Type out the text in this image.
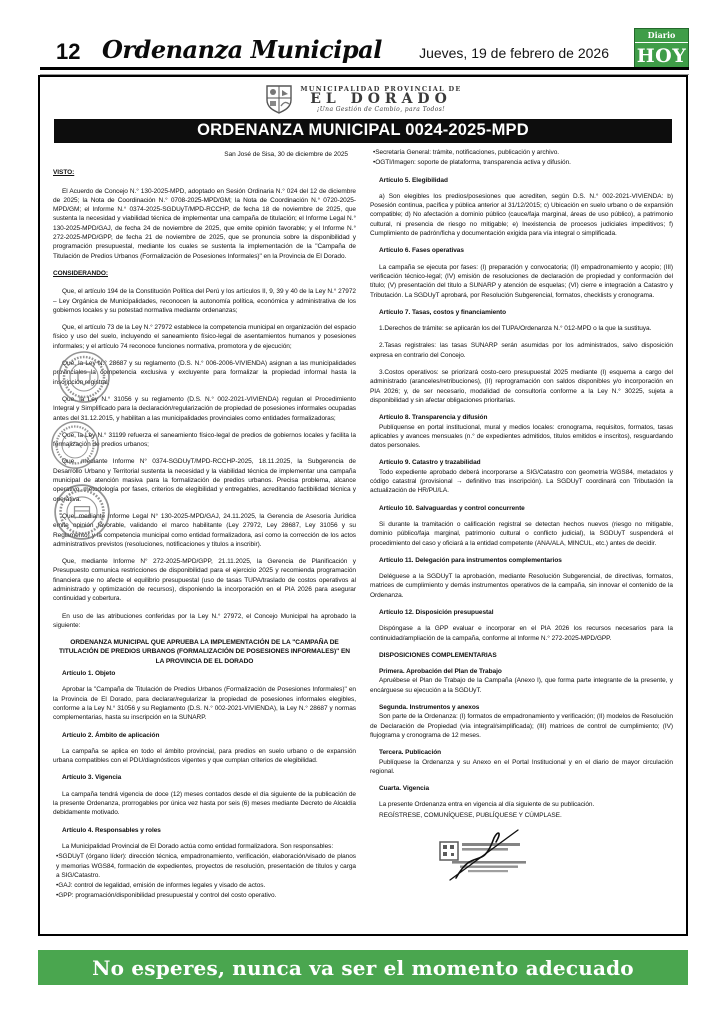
12 Ordenanza Municipal	Jueves, 19 de febrero de 2026
Diario
HOY
MUNICIPALIDAD PROVINCIAL DE
EL DORADO
¡Una Gestión de Cambio, para Todos!
ORDENANZA MUNICIPAL 0024-2025-MPD

San José de Sisa, 30 de diciembre de 2025

VISTO:

El Acuerdo de Concejo N.° 130-2025-MPD, adoptado en Sesión Ordinaria N.° 024 del 12 de diciembre de 2025; la Nota de Coordinación N.° 0708-2025-MPD/GM; la Nota de Coordinación N.° 0720-2025-MPD/GM; el Informe N.° 0374-2025-SGDUyT/MPD-RCCHP, de fecha 18 de noviembre de 2025, que sustenta la necesidad y viabilidad técnica de implementar una campaña de titulación; el Informe Legal N.° 130-2025-MPD/GAJ, de fecha 24 de noviembre de 2025, que emite opinión favorable; y el Informe N.° 272-2025-MPD/GPP, de fecha 21 de noviembre de 2025, que se pronuncia sobre la disponibilidad y programación presupuestal, mediante los cuales se sustenta la implementación de la "Campaña de Titulación de Predios Urbanos (Formalización de Posesiones Informales)" en la Provincia de El Dorado.

CONSIDERANDO:

Que, el artículo 194 de la Constitución Política del Perú y los artículos II, 9, 39 y 40 de la Ley N.° 27972 – Ley Orgánica de Municipalidades, reconocen la autonomía política, económica y administrativa de los gobiernos locales y su potestad normativa mediante ordenanzas;

Que, el artículo 73 de la Ley N.° 27972 establece la competencia municipal en organización del espacio físico y uso del suelo, incluyendo el saneamiento físico-legal de asentamientos humanos y posesiones informales; y el artículo 74 reconoce funciones normativa, promotora y de ejecución;

Que, la Ley N.° 28687 y su reglamento (D.S. N.° 006-2006-VIVIENDA) asignan a las municipalidades provinciales la competencia exclusiva y excluyente para formalizar la propiedad informal hasta la inscripción registral;

Que, la Ley N.° 31056 y su reglamento (D.S. N.° 002-2021-VIVIENDA) regulan el Procedimiento Integral y Simplificado para la declaración/regularización de propiedad de posesiones informales ocupadas antes del 31.12.2015, y habilitan a las municipalidades provinciales como entidades formalizadoras;

Que, la Ley N.° 31199 refuerza el saneamiento físico-legal de predios de gobiernos locales y facilita la formalización de predios urbanos;

Que, mediante Informe N° 0374-SGDUyT/MPD-RCCHP-2025, 18.11.2025, la Subgerencia de Desarrollo Urbano y Territorial sustenta la necesidad y la viabilidad técnica de implementar una campaña municipal de atención masiva para la formalización de predios urbanos. Precisa problema, alcance operativo, metodología por fases, criterios de elegibilidad y entregables, acreditando factibilidad técnica y operativa.

Que, mediante Informe Legal N° 130-2025-MPD/GAJ, 24.11.2025, la Gerencia de Asesoría Jurídica emite opinión favorable, validando el marco habilitante (Ley 27972, Ley 28687, Ley 31056 y su Reglamento) y la competencia municipal como entidad formalizadora, así como la corrección de los actos administrativos previstos (resoluciones, notificaciones y títulos a inscribir).

Que, mediante Informe N° 272-2025-MPD/GPP, 21.11.2025, la Gerencia de Planificación y Presupuesto comunica restricciones de disponibilidad para el ejercicio 2025 y recomienda programación financiera que no afecte el equilibrio presupuestal (uso de tasas TUPA/traslado de costos operativos al administrado y optimización de recursos), disponiendo la incorporación en el PIA 2026 para asegurar continuidad y cobertura.

En uso de las atribuciones conferidas por la Ley N.° 27972, el Concejo Municipal ha aprobado la siguiente:

ORDENANZA MUNICIPAL QUE APRUEBA LA IMPLEMENTACIÓN DE LA "CAMPAÑA DE TITULACIÓN DE PREDIOS URBANOS (FORMALIZACIÓN DE POSESIONES INFORMALES)" EN LA PROVINCIA DE EL DORADO

Artículo 1. Objeto

Aprobar la "Campaña de Titulación de Predios Urbanos (Formalización de Posesiones Informales)" en la Provincia de El Dorado, para declarar/regularizar la propiedad de posesiones informales elegibles, conforme a la Ley N.° 31056 y su Reglamento (D.S. N.° 002-2021-VIVIENDA), la Ley N.° 28687 y normas complementarias, hasta su inscripción en la SUNARP.

Artículo 2. Ámbito de aplicación

La campaña se aplica en todo el ámbito provincial, para predios en suelo urbano o de expansión urbana compatibles con el PDU/diagnósticos vigentes y que cumplan criterios de elegibilidad.

Artículo 3. Vigencia

La campaña tendrá vigencia de doce (12) meses contados desde el día siguiente de la publicación de la presente Ordenanza, prorrogables por única vez hasta por seis (6) meses mediante Decreto de Alcaldía debidamente motivado.

Artículo 4. Responsables y roles

La Municipalidad Provincial de El Dorado actúa como entidad formalizadora. Son responsables:

•SGDUyT (órgano líder): dirección técnica, empadronamiento, verificación, elaboración/visado de planos y memorias WGS84, formación de expedientes, proyectos de resolución, presentación de títulos y carga a SIG/Catastro.

•GAJ: control de legalidad, emisión de informes legales y visado de actos.

•GPP: programación/disponibilidad presupuestal y control del costo operativo.

•Secretaría General: trámite, notificaciones, publicación y archivo.

•OGTI/Imagen: soporte de plataforma, transparencia activa y difusión.

Artículo 5. Elegibilidad

a) Son elegibles los predios/posesiones que acrediten, según D.S. N.° 002-2021-VIVIENDA: b) Posesión continua, pacífica y pública anterior al 31/12/2015; c) Ubicación en suelo urbano o de expansión compatible; d) No afectación a dominio público (cauce/faja marginal, áreas de uso público), a patrimonio cultural, ni presencia de riesgo no mitigable; e) Inexistencia de procesos judiciales impeditivos; f) Cumplimiento de padrón/ficha y documentación exigida para vía integral o simplificada.

Artículo 6. Fases operativas

La campaña se ejecuta por fases: (I) preparación y convocatoria; (II) empadronamiento y acopio; (III) verificación técnico-legal; (IV) emisión de resoluciones de declaración de propiedad y conformación del título; (V) presentación del título a SUNARP y atención de esquelas; (VI) cierre e integración a Catastro y Tributación. La SGDUyT aprobará, por Resolución Subgerencial, formatos, checklists y cronograma.

Artículo 7. Tasas, costos y financiamiento

1.Derechos de trámite: se aplicarán los del TUPA/Ordenanza N.° 012-MPD o la que la sustituya.

2.Tasas registrales: las tasas SUNARP serán asumidas por los administrados, salvo disposición expresa en contrario del Concejo.

3.Costos operativos: se priorizará costo-cero presupuestal 2025 mediante (I) esquema a cargo del administrado (aranceles/retribuciones), (II) reprogramación con saldos disponibles y/o incorporación en PIA 2026; y, de ser necesario, modalidad de consultoría conforme a la Ley N.° 30225, sujeta a disponibilidad y sin afectar obligaciones prioritarias.

Artículo 8. Transparencia y difusión

Publíquense en portal institucional, mural y medios locales: cronograma, requisitos, formatos, tasas aplicables y avances mensuales (n.° de expedientes admitidos, títulos emitidos e inscritos), resguardando datos personales.

Artículo 9. Catastro y trazabilidad

Todo expediente aprobado deberá incorporarse a SIG/Catastro con geometría WGS84, metadatos y código catastral (provisional → definitivo tras inscripción). La SGDUyT coordinará con Tributación la actualización de HR/PU/LA.

Artículo 10. Salvaguardas y control concurrente

Si durante la tramitación o calificación registral se detectan hechos nuevos (riesgo no mitigable, dominio público/faja marginal, patrimonio cultural o conflicto judicial), la SGDUyT suspenderá el procedimiento del caso y oficiará a la entidad competente (ANA/ALA, MINCUL, etc.) antes de decidir.

Artículo 11. Delegación para instrumentos complementarios

Deléguese a la SGDUyT la aprobación, mediante Resolución Subgerencial, de directivas, formatos, matrices de cumplimiento y demás instrumentos operativos de la campaña, sin innovar el contenido de la Ordenanza.

Artículo 12. Disposición presupuestal

Dispóngase a la GPP evaluar e incorporar en el PIA 2026 los recursos necesarios para la continuidad/ampliación de la campaña, conforme al Informe N.° 272-2025-MPD/GPP.

DISPOSICIONES COMPLEMENTARIAS

Primera. Aprobación del Plan de Trabajo

Apruébese el Plan de Trabajo de la Campaña (Anexo I), que forma parte integrante de la presente, y encárguese su ejecución a la SGDUyT.

Segunda. Instrumentos y anexos

Son parte de la Ordenanza: (I) formatos de empadronamiento y verificación; (II) modelos de Resolución de Declaración de Propiedad (vía integral/simplificada); (III) matrices de control de cumplimiento; (IV) flujograma y cronograma de 12 meses.

Tercera. Publicación

Publíquese la Ordenanza y su Anexo en el Portal Institucional y en el diario de mayor circulación regional.

Cuarta. Vigencia

La presente Ordenanza entra en vigencia al día siguiente de su publicación.

REGÍSTRESE, COMUNÍQUESE, PUBLÍQUESE Y CÚMPLASE.

No esperes, nunca va ser el momento adecuado
